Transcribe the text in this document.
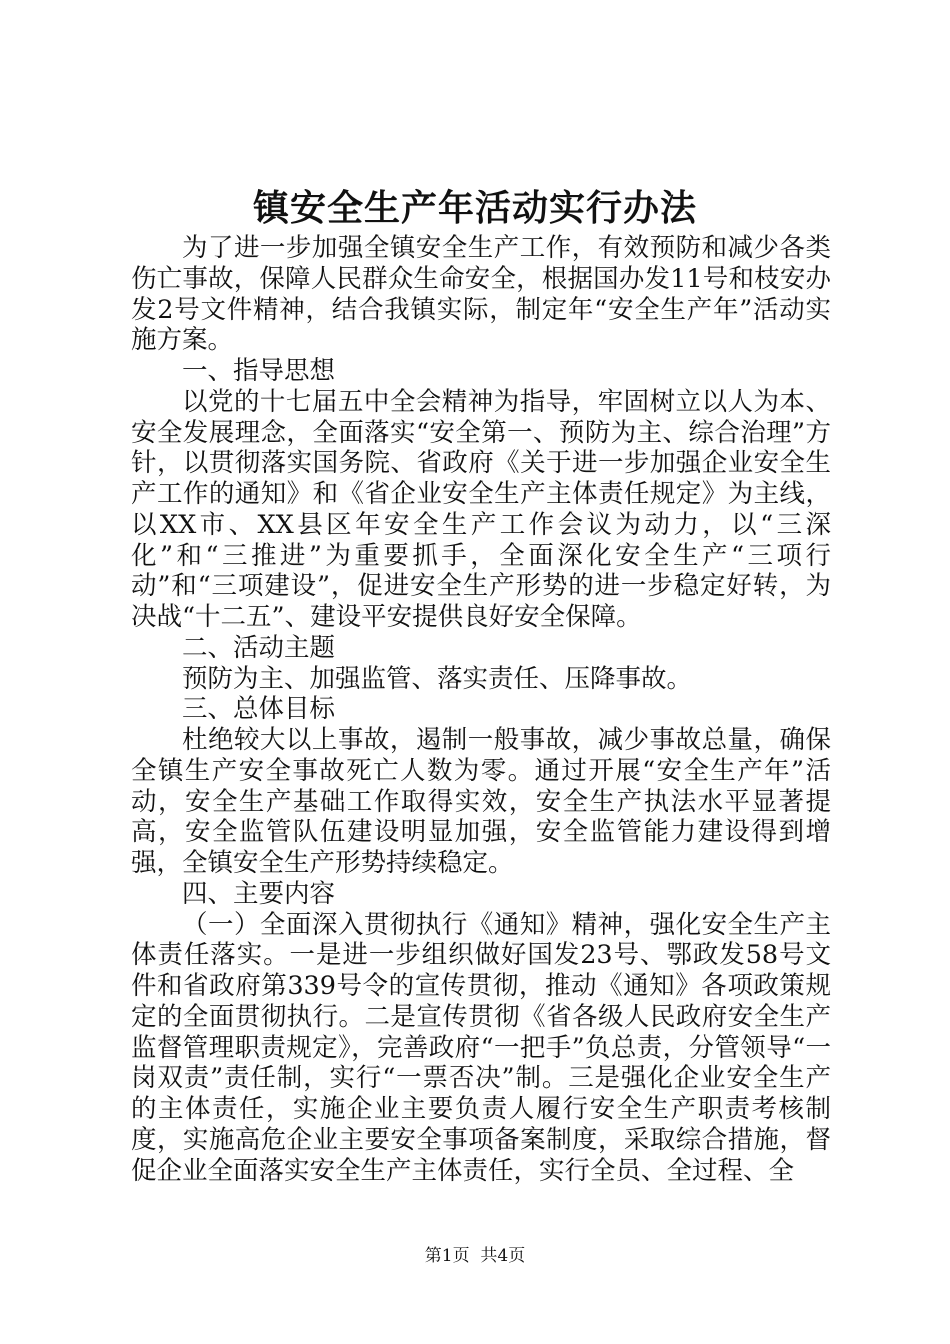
镇安全生产年活动实行办法

为了进一步加强全镇安全生产工作，有效预防和减少各类伤亡事故，保障人民群众生命安全，根据国办发11号和枝安办发2号文件精神，结合我镇实际，制定年“安全生产年”活动实施方案。

一、指导思想

以党的十七届五中全会精神为指导，牢固树立以人为本、安全发展理念，全面落实“安全第一、预防为主、综合治理”方针，以贯彻落实国务院、省政府《关于进一步加强企业安全生产工作的通知》和《省企业安全生产主体责任规定》为主线，以XX市、XX县区年安全生产工作会议为动力，以“三深化”和“三推进”为重要抓手，全面深化安全生产“三项行动”和“三项建设”，促进安全生产形势的进一步稳定好转，为决战“十二五”、建设平安提供良好安全保障。

二、活动主题

预防为主、加强监管、落实责任、压降事故。

三、总体目标

杜绝较大以上事故，遏制一般事故，减少事故总量，确保全镇生产安全事故死亡人数为零。通过开展“安全生产年”活动，安全生产基础工作取得实效，安全生产执法水平显著提高，安全监管队伍建设明显加强，安全监管能力建设得到增强，全镇安全生产形势持续稳定。

四、主要内容

（一）全面深入贯彻执行《通知》精神，强化安全生产主体责任落实。一是进一步组织做好国发23号、鄂政发58号文件和省政府第339号令的宣传贯彻，推动《通知》各项政策规定的全面贯彻执行。二是宣传贯彻《省各级人民政府安全生产监督管理职责规定》，完善政府“一把手”负总责，分管领导“一岗双责”责任制，实行“一票否决”制。三是强化企业安全生产的主体责任，实施企业主要负责人履行安全生产职责考核制度，实施高危企业主要安全事项备案制度，采取综合措施，督促企业全面落实安全生产主体责任，实行全员、全过程、全

第1页  共4页
